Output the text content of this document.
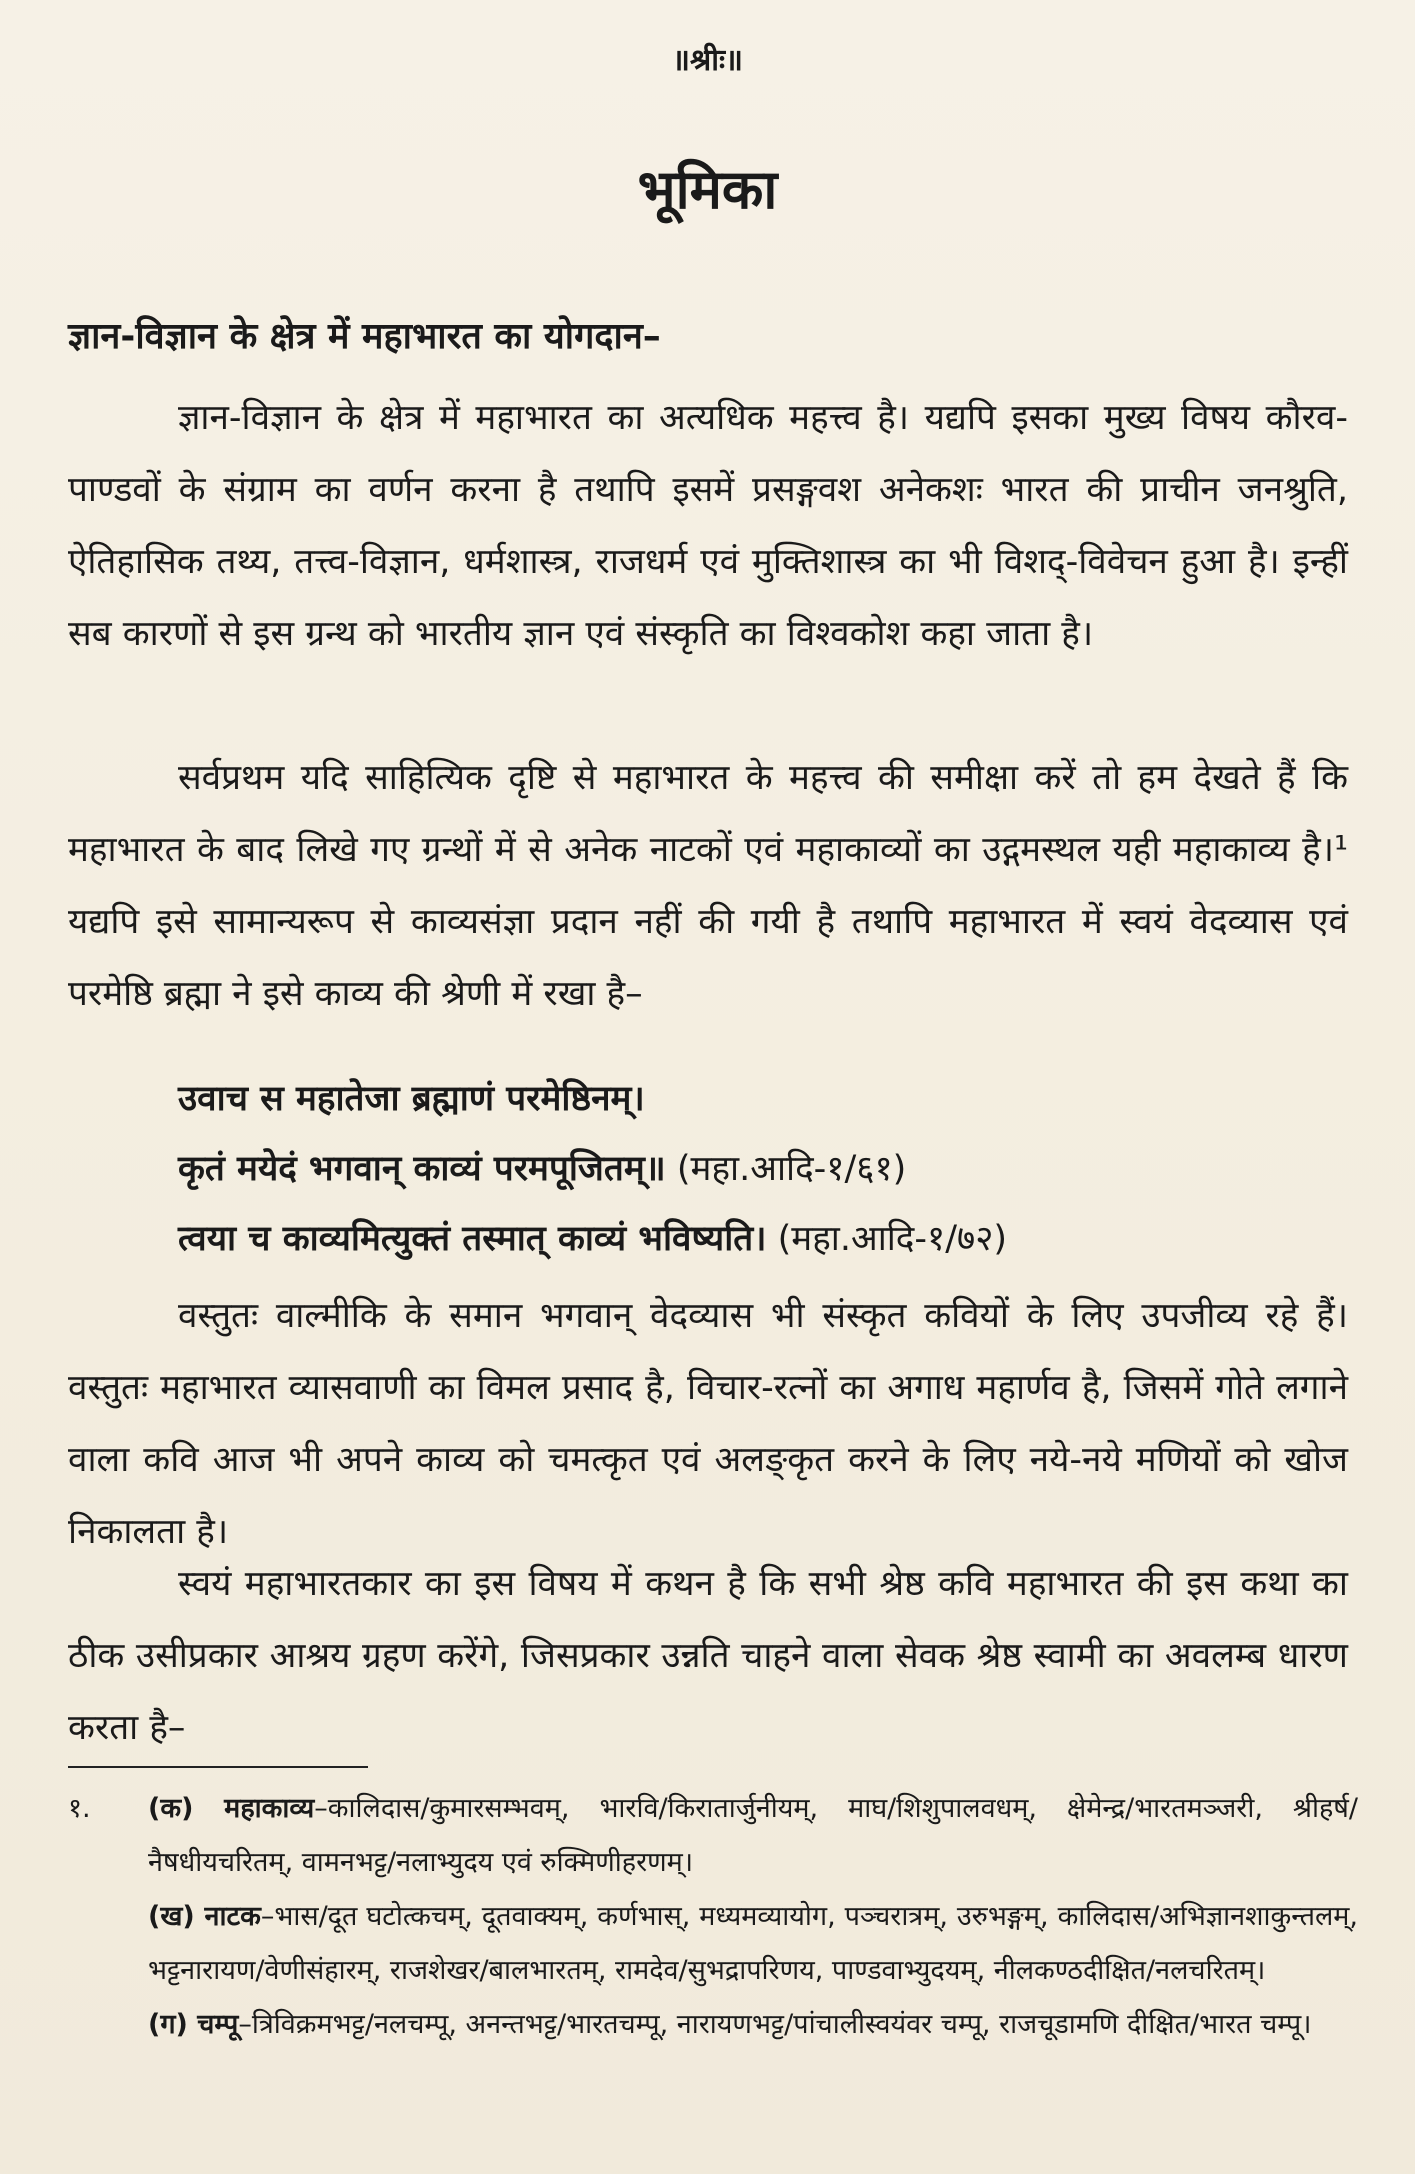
॥श्रीः॥
भूमिका
ज्ञान-विज्ञान के क्षेत्र में महाभारत का योगदान–

ज्ञान-विज्ञान के क्षेत्र में महाभारत का अत्यधिक महत्त्व है। यद्यपि इसका मुख्य विषय कौरव-पाण्डवों के संग्राम का वर्णन करना है तथापि इसमें प्रसङ्गवश अनेकशः भारत की प्राचीन जनश्रुति, ऐतिहासिक तथ्य, तत्त्व-विज्ञान, धर्मशास्त्र, राजधर्म एवं मुक्तिशास्त्र का भी विशद्-विवेचन हुआ है। इन्हीं सब कारणों से इस ग्रन्थ को भारतीय ज्ञान एवं संस्कृति का विश्वकोश कहा जाता है।

सर्वप्रथम यदि साहित्यिक दृष्टि से महाभारत के महत्त्व की समीक्षा करें तो हम देखते हैं कि महाभारत के बाद लिखे गए ग्रन्थों में से अनेक नाटकों एवं महाकाव्यों का उद्गमस्थल यही महाकाव्य है।¹ यद्यपि इसे सामान्यरूप से काव्यसंज्ञा प्रदान नहीं की गयी है तथापि महाभारत में स्वयं वेदव्यास एवं परमेष्ठि ब्रह्मा ने इसे काव्य की श्रेणी में रखा है–

उवाच स महातेजा ब्रह्माणं परमेष्ठिनम्।
कृतं मयेदं भगवान् काव्यं परमपूजितम्॥ (महा.आदि-१/६१)
त्वया च काव्यमित्युक्तं तस्मात् काव्यं भविष्यति। (महा.आदि-१/७२)

वस्तुतः वाल्मीकि के समान भगवान् वेदव्यास भी संस्कृत कवियों के लिए उपजीव्य रहे हैं। वस्तुतः महाभारत व्यासवाणी का विमल प्रसाद है, विचार-रत्नों का अगाध महार्णव है, जिसमें गोते लगाने वाला कवि आज भी अपने काव्य को चमत्कृत एवं अलङ्कृत करने के लिए नये-नये मणियों को खोज निकालता है।

स्वयं महाभारतकार का इस विषय में कथन है कि सभी श्रेष्ठ कवि महाभारत की इस कथा का ठीक उसीप्रकार आश्रय ग्रहण करेंगे, जिसप्रकार उन्नति चाहने वाला सेवक श्रेष्ठ स्वामी का अवलम्ब धारण करता है–

१. (क) महाकाव्य–कालिदास/कुमारसम्भवम्, भारवि/किरातार्जुनीयम्, माघ/शिशुपालवधम्, क्षेमेन्द्र/भारतमञ्जरी, श्रीहर्ष/नैषधीयचरितम्, वामनभट्ट/नलाभ्युदय एवं रुक्मिणीहरणम्।

(ख) नाटक–भास/दूत घटोत्कचम्, दूतवाक्यम्, कर्णभास्, मध्यमव्यायोग, पञ्चरात्रम्, उरुभङ्गम्, कालिदास/अभिज्ञानशाकुन्तलम्, भट्टनारायण/वेणीसंहारम्, राजशेखर/बालभारतम्, रामदेव/सुभद्रापरिणय, पाण्डवाभ्युदयम्, नीलकण्ठदीक्षित/नलचरितम्।

(ग) चम्पू–त्रिविक्रमभट्ट/नलचम्पू, अनन्तभट्ट/भारतचम्पू, नारायणभट्ट/पांचालीस्वयंवर चम्पू, राजचूडामणि दीक्षित/भारत चम्पू।
